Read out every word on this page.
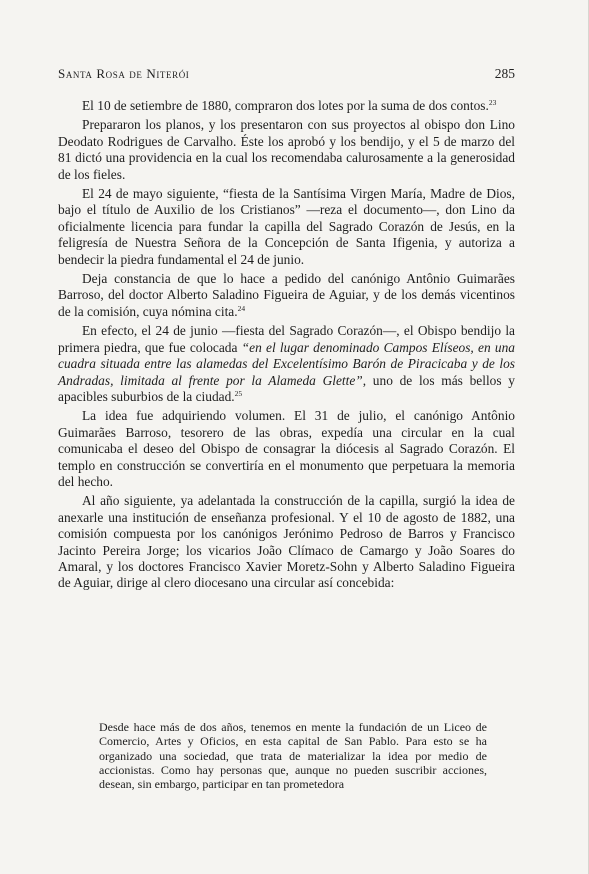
Santa Rosa de Niterói	285

El 10 de setiembre de 1880, compraron dos lotes por la suma de dos contos.$^{23}$

Prepararon los planos, y los presentaron con sus proyectos al obispo don Lino Deodato Rodrigues de Carvalho. Éste los aprobó y los bendijo, y el 5 de marzo del 81 dictó una providencia en la cual los recomendaba calurosamente a la generosidad de los fieles.

El 24 de mayo siguiente, “fiesta de la Santísima Virgen María, Madre de Dios, bajo el título de Auxilio de los Cristianos” —reza el documento—, don Lino da oficialmente licencia para fundar la capilla del Sagrado Corazón de Jesús, en la feligresía de Nuestra Señora de la Concepción de Santa Ifigenia, y autoriza a bendecir la piedra fundamental el 24 de junio.

Deja constancia de que lo hace a pedido del canónigo Antônio Guimarães Barroso, del doctor Alberto Saladino Figueira de Aguiar, y de los demás vicentinos de la comisión, cuya nómina cita.$^{24}$

En efecto, el 24 de junio —fiesta del Sagrado Corazón—, el Obispo bendijo la primera piedra, que fue colocada “en el lugar denominado Campos Elíseos, en una cuadra situada entre las alamedas del Excelentísimo Barón de Piracicaba y de los Andradas, limitada al frente por la Alameda Glette”, uno de los más bellos y apacibles suburbios de la ciudad.$^{25}$

La idea fue adquiriendo volumen. El 31 de julio, el canónigo Antônio Guimarães Barroso, tesorero de las obras, expedía una circular en la cual comunicaba el deseo del Obispo de consagrar la diócesis al Sagrado Corazón. El templo en construcción se convertiría en el monumento que perpetuara la memoria del hecho.

Al año siguiente, ya adelantada la construcción de la capilla, surgió la idea de anexarle una institución de enseñanza profesional. Y el 10 de agosto de 1882, una comisión compuesta por los canónigos Jerónimo Pedroso de Barros y Francisco Jacinto Pereira Jorge; los vicarios João Clímaco de Camargo y João Soares do Amaral, y los doctores Francisco Xavier Moretz-Sohn y Alberto Saladino Figueira de Aguiar, dirige al clero diocesano una circular así concebida:

Desde hace más de dos años, tenemos en mente la fundación de un Liceo de Comercio, Artes y Oficios, en esta capital de San Pablo. Para esto se ha organizado una sociedad, que trata de materializar la idea por medio de accionistas. Como hay personas que, aunque no pueden suscribir acciones, desean, sin embargo, participar en tan prometedora
